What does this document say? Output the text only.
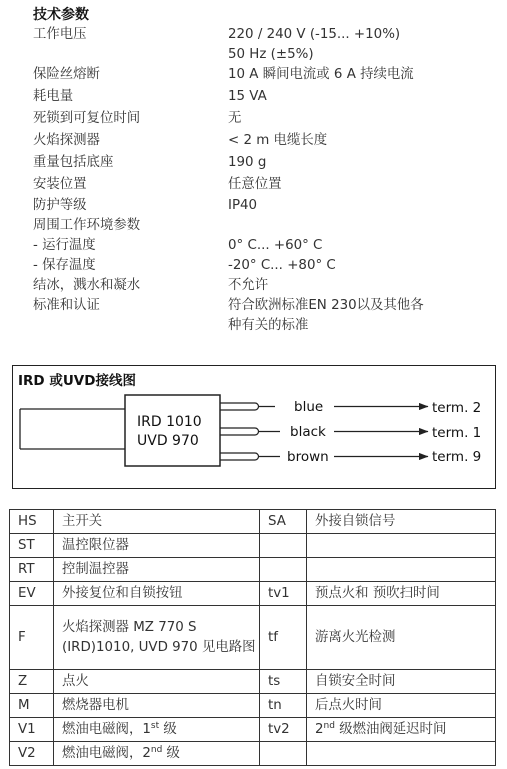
技术参数
工作电压	220 / 240 V (-15... +10%)
50 Hz (±5%)
保险丝熔断	10 A 瞬间电流或 6 A 持续电流
耗电量	15 VA
死锁到可复位时间	无
火焰探测器	< 2 m 电缆长度
重量包括底座	190 g
安装位置	任意位置
防护等级	IP40
周围工作环境参数
- 运行温度	0° C... +60° C
- 保存温度	-20° C... +80° C
结冰，溅水和凝水	不允许
标准和认证	符合欧洲标准EN 230以及其他各
种有关的标准
IRD 或UVD接线图
IRD 1010
UVD 970
blue
black
brown
term. 2
term. 1
term. 9
HS	主开关	SA	外接自锁信号
ST	温控限位器		
RT	控制温控器		
EV	外接复位和自锁按钮	tv1	预点火和 预吹扫时间
F	火焰探测器 MZ 770 S (IRD)1010, UVD 970 见电路图	tf	游离火光检测
Z	点火	ts	自锁安全时间
M	燃烧器电机	tn	后点火时间
V1	燃油电磁阀，1st 级	tv2	2nd 级燃油阀延迟时间
V2	燃油电磁阀，2nd 级		
